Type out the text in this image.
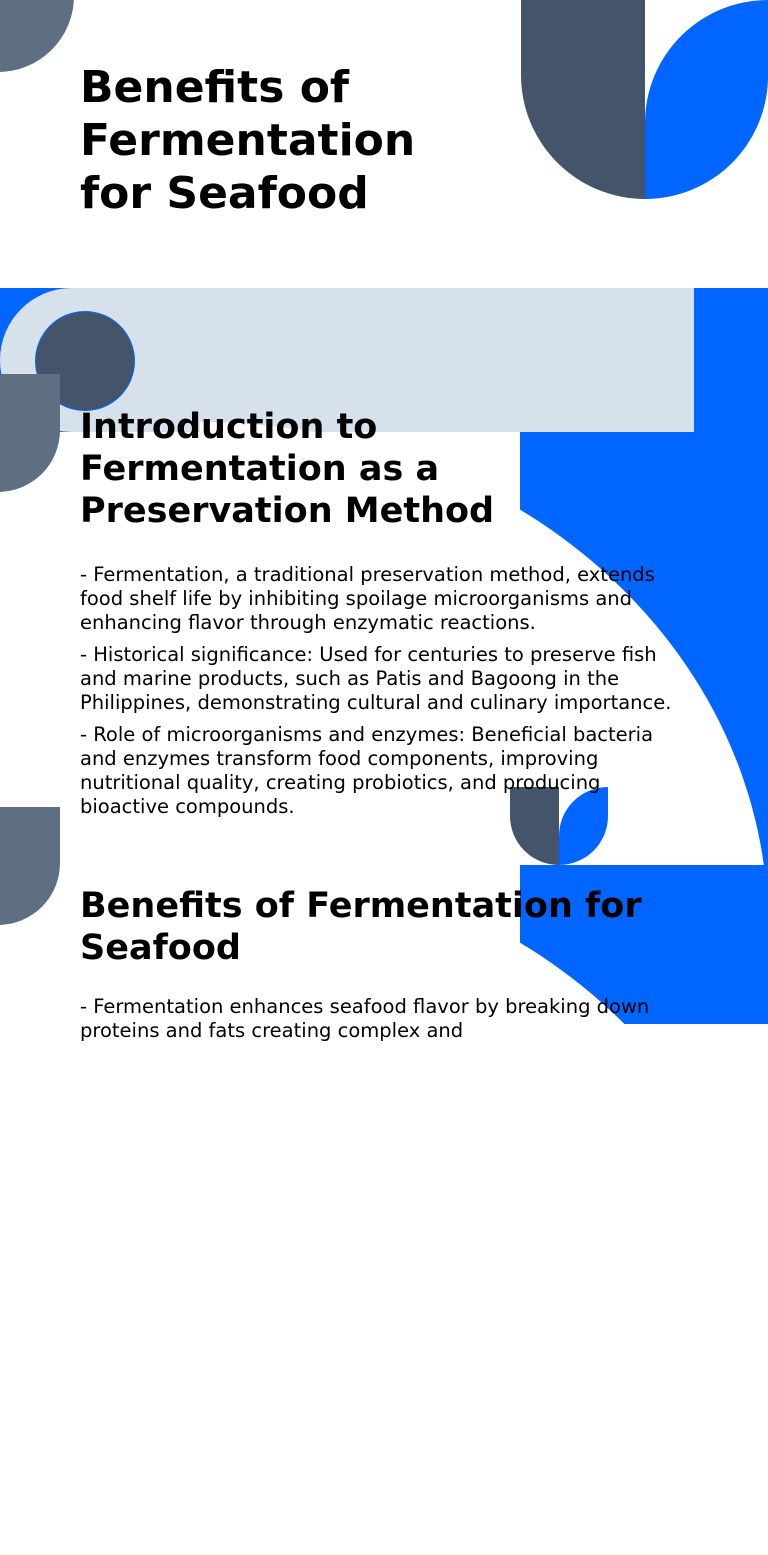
Benefits of Fermentation for Seafood
Introduction to Fermentation as a Preservation Method

- Fermentation, a traditional preservation method, extends food shelf life by inhibiting spoilage microorganisms and enhancing flavor through enzymatic reactions.

- Historical significance: Used for centuries to preserve fish and marine products, such as Patis and Bagoong in the Philippines, demonstrating cultural and culinary importance.

- Role of microorganisms and enzymes: Beneficial bacteria and enzymes transform food components, improving nutritional quality, creating probiotics, and producing bioactive compounds.

Benefits of Fermentation for Seafood

- Fermentation enhances seafood flavor by breaking down proteins and fats creating complex and
